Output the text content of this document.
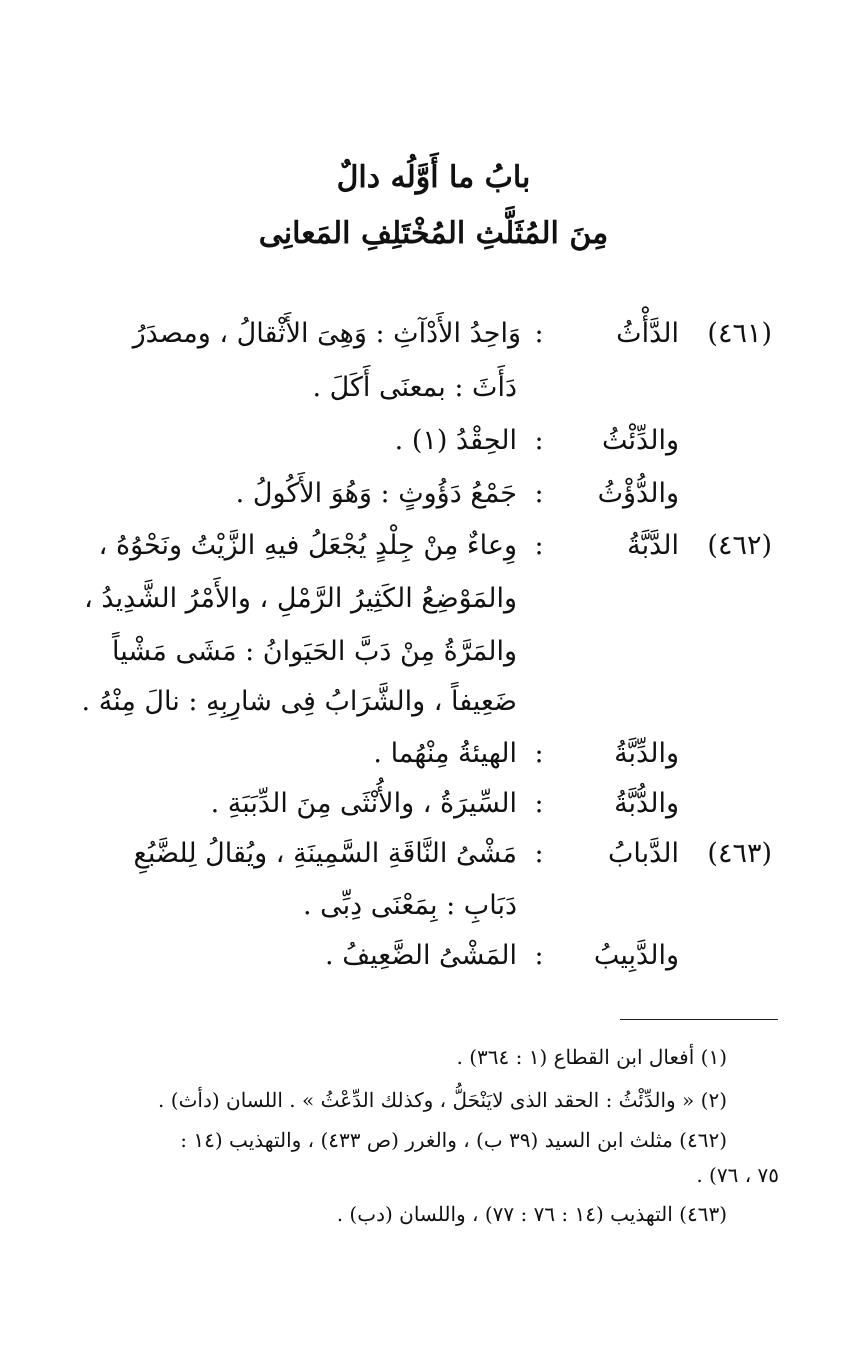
بابُ ما أَوَّلُه دالٌ
مِنَ المُثَلَّثِ المُخْتَلِفِ المَعانِى
(٤٦١)
الدَّأْثُ
:
وَاحِدُ الأَدْآثِ : وَهِىَ الأَثْقالُ ، ومصدَرُ
دَأَثَ : بمعنَى أَكَلَ .
والدِّئْثُ
:
الحِقْدُ (١) .
والدُّؤْثُ
:
جَمْعُ دَؤُوثٍ : وَهُوَ الأَكُولُ .
(٤٦٢)
الدَّبَّةُ
:
وِعاءٌ مِنْ جِلْدٍ يُجْعَلُ فيهِ الزَّيْتُ ونَحْوُهُ ،
والمَوْضِعُ الكَثِيرُ الرَّمْلِ ، والأَمْرُ الشَّدِيدُ ،
والمَرَّةُ مِنْ دَبَّ الحَيَوانُ : مَشَى مَشْياً
ضَعِيفاً ، والشَّرَابُ فِى شارِبِهِ : نالَ مِنْهُ .
والدِّبَّةُ
:
الهيئةُ مِنْهُما .
والدُّبَّةُ
:
السِّيرَةُ ، والأُنْثَى مِنَ الدِّبَبَةِ .
(٤٦٣)
الدَّبابُ
:
مَشْىُ النَّاقَةِ السَّمِينَةِ ، ويُقالُ لِلضَّبُعِ
دَبَابِ : بِمَعْنَى دِبِّى .
والدَّبِيبُ
:
المَشْىُ الضَّعِيفُ .
(١) أفعال ابن القطاع (١ : ٣٦٤) .
(٢) « والدِّئْثُ : الحقد الذى لايَنْحَلُّ ، وكذلك الدِّعْثُ » . اللسان (دأث) .
(٤٦٢) مثلث ابن السيد (٣٩ ب) ، والغرر (ص ٤٣٣) ، والتهذيب (١٤ :
٧٥ ، ٧٦) .
(٤٦٣) التهذيب (١٤ : ٧٦ : ٧٧) ، واللسان (دب) .
